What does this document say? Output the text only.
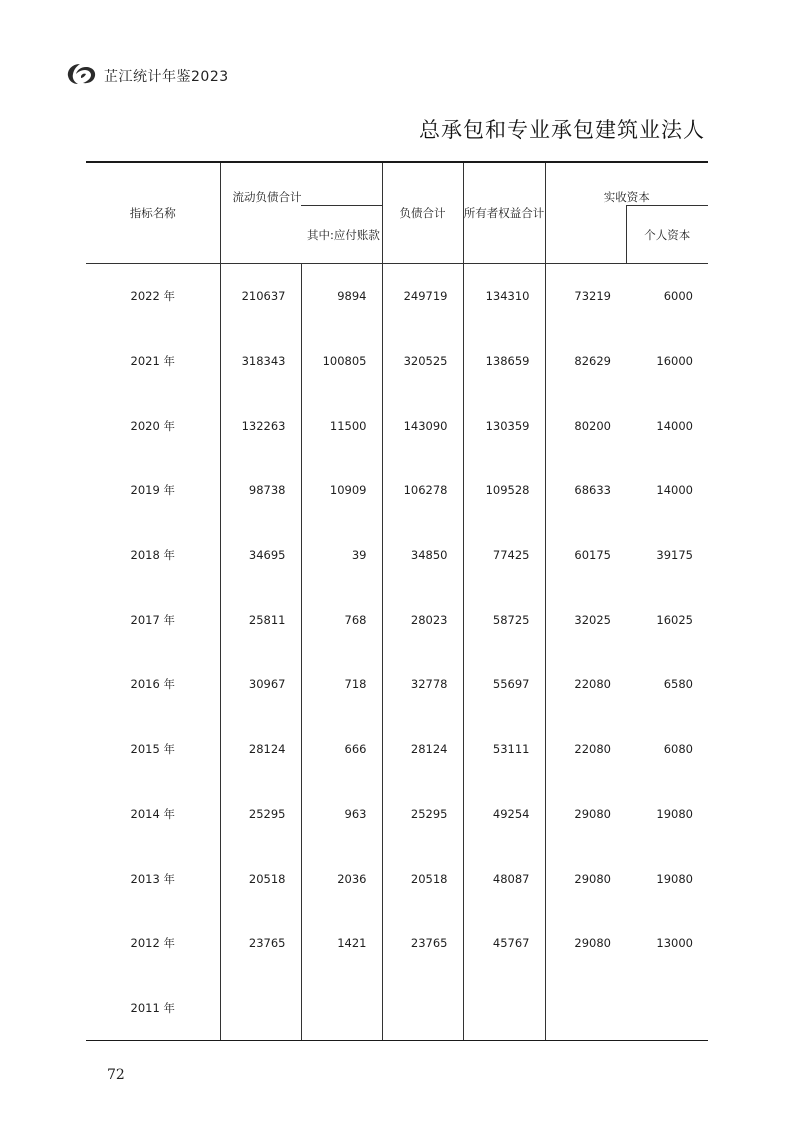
芷江统计年鉴2023
总承包和专业承包建筑业法人
指标名称	流动负债合计		负债合计	所有者权益合计	实收资本	
		其中:应付账款				个人资本
2022 年	210637	9894	249719	134310	73219	6000
2021 年	318343	100805	320525	138659	82629	16000
2020 年	132263	11500	143090	130359	80200	14000
2019 年	98738	10909	106278	109528	68633	14000
2018 年	34695	39	34850	77425	60175	39175
2017 年	25811	768	28023	58725	32025	16025
2016 年	30967	718	32778	55697	22080	6580
2015 年	28124	666	28124	53111	22080	6080
2014 年	25295	963	25295	49254	29080	19080
2013 年	20518	2036	20518	48087	29080	19080
2012 年	23765	1421	23765	45767	29080	13000
2011 年						
72
